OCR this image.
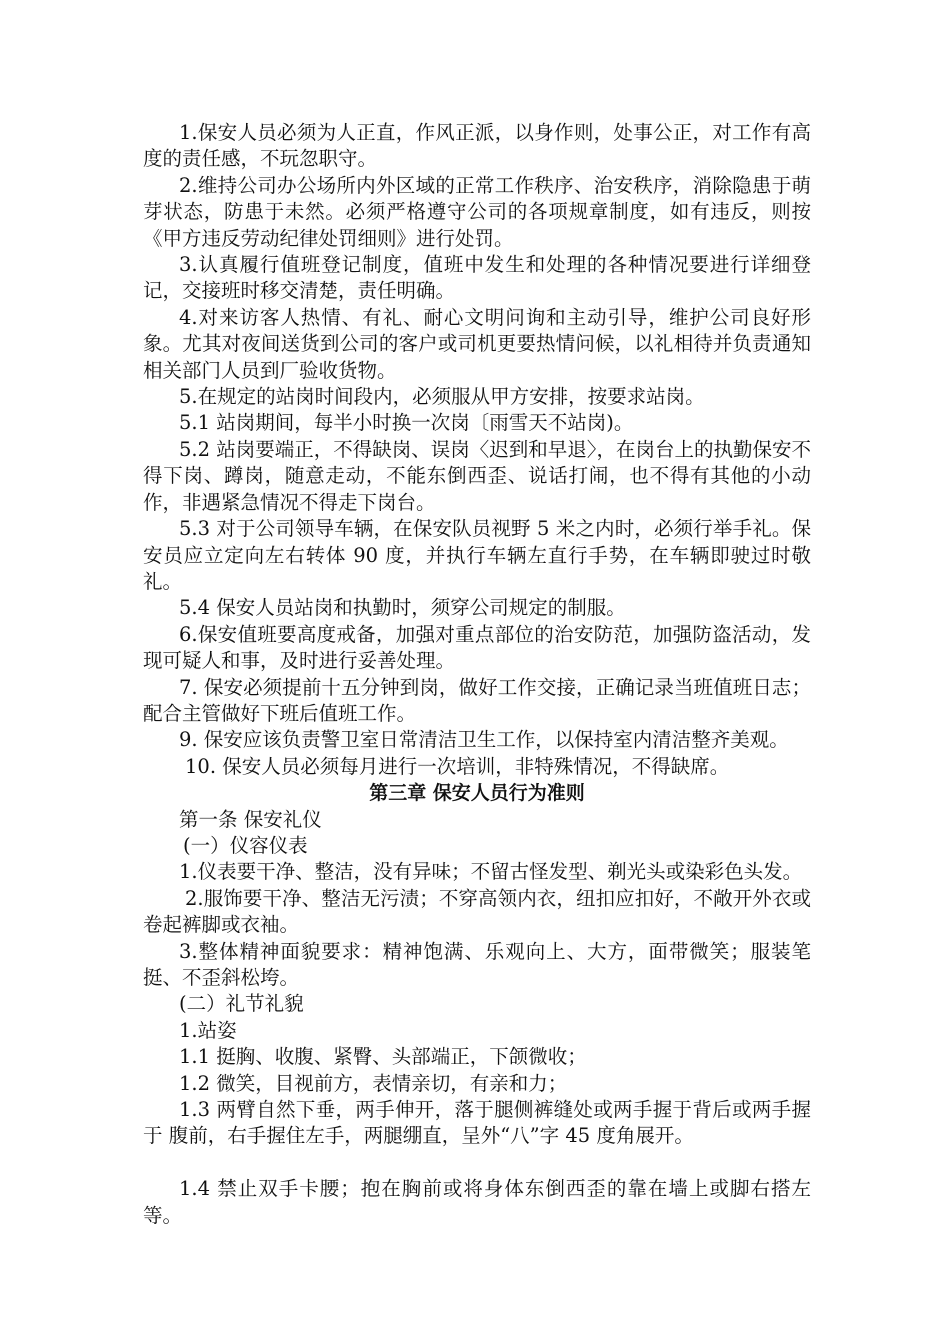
1.保安人员必须为人正直，作风正派，以身作则，处事公正，对工作有高度的责任感，不玩忽职守。

2.维持公司办公场所内外区域的正常工作秩序、治安秩序，消除隐患于萌芽状态，防患于未然。必须严格遵守公司的各项规章制度，如有违反，则按《甲方违反劳动纪律处罚细则》进行处罚。

3.认真履行值班登记制度，值班中发生和处理的各种情况要进行详细登记，交接班时移交清楚，责任明确。

4.对来访客人热情、有礼、耐心文明问询和主动引导，维护公司良好形象。尤其对夜间送货到公司的客户或司机更要热情问候，以礼相待并负责通知相关部门人员到厂验收货物。

5.在规定的站岗时间段内，必须服从甲方安排，按要求站岗。

5.1 站岗期间，每半小时换一次岗〔雨雪天不站岗)。

5.2 站岗要端正，不得缺岗、误岗〈迟到和早退〉，在岗台上的执勤保安不得下岗、蹲岗，随意走动，不能东倒西歪、说话打闹，也不得有其他的小动作，非遇紧急情况不得走下岗台。

5.3 对于公司领导车辆，在保安队员视野 5 米之内时，必须行举手礼。保安员应立定向左右转体 90 度，并执行车辆左直行手势，在车辆即驶过时敬礼。

5.4 保安人员站岗和执勤时，须穿公司规定的制服。

6.保安值班要高度戒备，加强对重点部位的治安防范，加强防盗活动，发现可疑人和事，及时进行妥善处理。

7. 保安必须提前十五分钟到岗，做好工作交接，正确记录当班值班日志；配合主管做好下班后值班工作。

9. 保安应该负责警卫室日常清洁卫生工作，以保持室内清洁整齐美观。

10. 保安人员必须每月进行一次培训，非特殊情况，不得缺席。

第三章 保安人员行为准则

第一条 保安礼仪

(一）仪容仪表

1.仪表要干净、整洁，没有异味；不留古怪发型、剃光头或染彩色头发。

2.服饰要干净、整洁无污渍；不穿高领内衣，纽扣应扣好，不敞开外衣或卷起裤脚或衣袖。

3.整体精神面貌要求：精神饱满、乐观向上、大方，面带微笑；服装笔挺、不歪斜松垮。

(二）礼节礼貌

1.站姿

1.1 挺胸、收腹、紧臀、头部端正，下颌微收；

1.2 微笑，目视前方，表情亲切，有亲和力；

1.3 两臂自然下垂，两手伸开，落于腿侧裤缝处或两手握于背后或两手握于 腹前，右手握住左手，两腿绷直，呈外“八”字 45 度角展开。

1.4 禁止双手卡腰；抱在胸前或将身体东倒西歪的靠在墙上或脚右搭左等。
